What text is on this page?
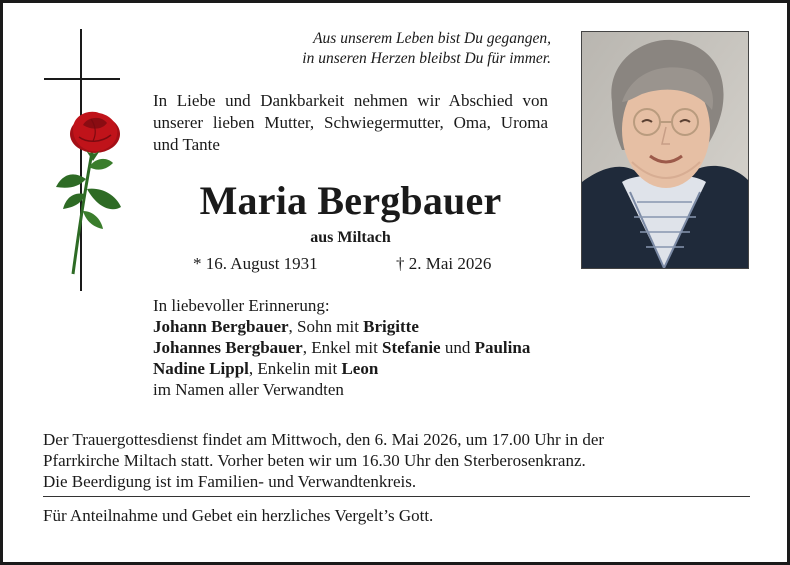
Aus unserem Leben bist Du gegangen,
in unseren Herzen bleibst Du für immer.
In Liebe und Dankbarkeit nehmen wir Abschied von unserer lieben Mutter, Schwiegermutter, Oma, Uroma und Tante
Maria Bergbauer
aus Miltach
* 16. August 1931	† 2. Mai 2026
In liebevoller Erinnerung:
Johann Bergbauer, Sohn mit Brigitte
Johannes Bergbauer, Enkel mit Stefanie und Paulina
Nadine Lippl, Enkelin mit Leon
im Namen aller Verwandten
Der Trauergottesdienst findet am Mittwoch, den 6. Mai 2026, um 17.00 Uhr in der
Pfarrkirche Miltach statt. Vorher beten wir um 16.30 Uhr den Sterberosenkranz.
Die Beerdigung ist im Familien- und Verwandtenkreis.
Für Anteilnahme und Gebet ein herzliches Vergelt’s Gott.
